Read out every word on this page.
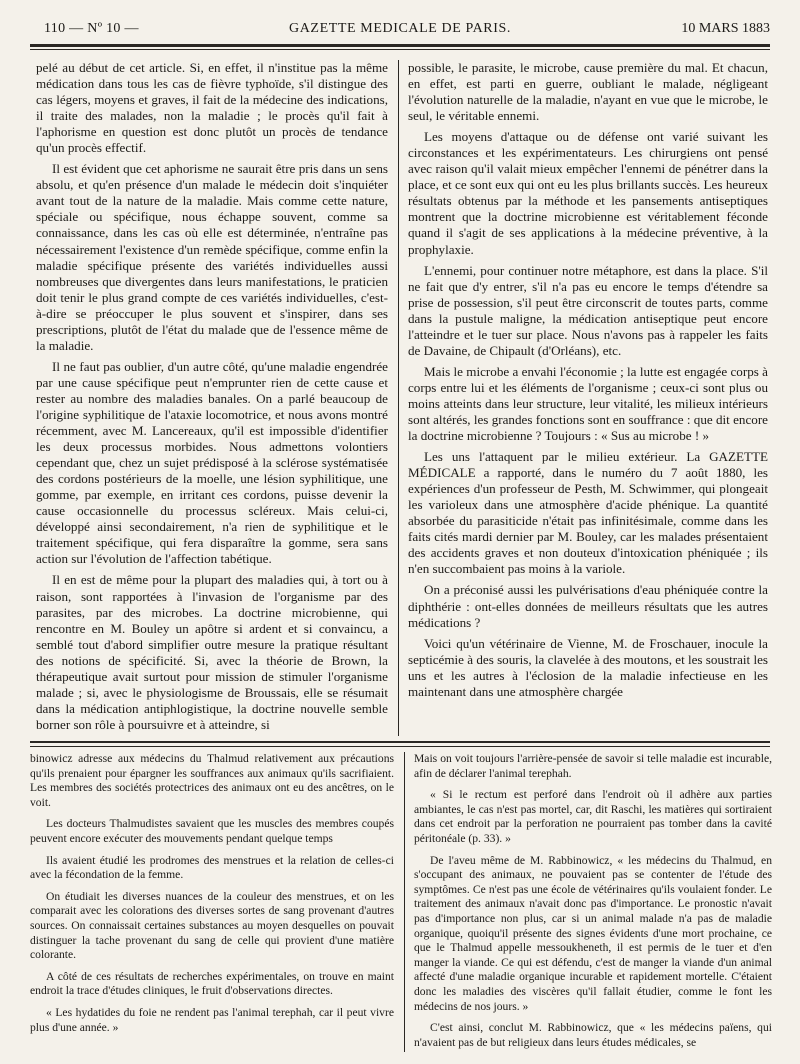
110 — Nº 10 —	GAZETTE MEDICALE DE PARIS.	10 MARS 1883

pelé au début de cet article. Si, en effet, il n'institue pas la même médication dans tous les cas de fièvre typhoïde, s'il distingue des cas légers, moyens et graves, il fait de la médecine des indications, il traite des malades, non la maladie ; le procès qu'il fait à l'aphorisme en question est donc plutôt un procès de tendance qu'un procès effectif.

Il est évident que cet aphorisme ne saurait être pris dans un sens absolu, et qu'en présence d'un malade le médecin doit s'inquiéter avant tout de la nature de la maladie. Mais comme cette nature, spéciale ou spécifique, nous échappe souvent, comme sa connaissance, dans les cas où elle est déterminée, n'entraîne pas nécessairement l'existence d'un remède spécifique, comme enfin la maladie spécifique présente des variétés individuelles aussi nombreuses que divergentes dans leurs manifestations, le praticien doit tenir le plus grand compte de ces variétés individuelles, c'est-à-dire se préoccuper le plus souvent et s'inspirer, dans ses prescriptions, plutôt de l'état du malade que de l'essence même de la maladie.

Il ne faut pas oublier, d'un autre côté, qu'une maladie engendrée par une cause spécifique peut n'emprunter rien de cette cause et rester au nombre des maladies banales. On a parlé beaucoup de l'origine syphilitique de l'ataxie locomotrice, et nous avons montré récemment, avec M. Lancereaux, qu'il est impossible d'identifier les deux processus morbides. Nous admettons volontiers cependant que, chez un sujet prédisposé à la sclérose systématisée des cordons postérieurs de la moelle, une lésion syphilitique, une gomme, par exemple, en irritant ces cordons, puisse devenir la cause occasionnelle du processus scléreux. Mais celui-ci, développé ainsi secondairement, n'a rien de syphilitique et le traitement spécifique, qui fera disparaître la gomme, sera sans action sur l'évolution de l'affection tabétique.

Il en est de même pour la plupart des maladies qui, à tort ou à raison, sont rapportées à l'invasion de l'organisme par des parasites, par des microbes. La doctrine microbienne, qui rencontre en M. Bouley un apôtre si ardent et si convaincu, a semblé tout d'abord simplifier outre mesure la pratique résultant des notions de spécificité. Si, avec la théorie de Brown, la thérapeutique avait surtout pour mission de stimuler l'organisme malade ; si, avec le physiologisme de Broussais, elle se résumait dans la médication antiphlogistique, la doctrine nouvelle semble borner son rôle à poursuivre et à atteindre, si

possible, le parasite, le microbe, cause première du mal. Et chacun, en effet, est parti en guerre, oubliant le malade, négligeant l'évolution naturelle de la maladie, n'ayant en vue que le microbe, le seul, le véritable ennemi.

Les moyens d'attaque ou de défense ont varié suivant les circonstances et les expérimentateurs. Les chirurgiens ont pensé avec raison qu'il valait mieux empêcher l'ennemi de pénétrer dans la place, et ce sont eux qui ont eu les plus brillants succès. Les heureux résultats obtenus par la méthode et les pansements antiseptiques montrent que la doctrine microbienne est véritablement féconde quand il s'agit de ses applications à la médecine préventive, à la prophylaxie.

L'ennemi, pour continuer notre métaphore, est dans la place. S'il ne fait que d'y entrer, s'il n'a pas eu encore le temps d'étendre sa prise de possession, s'il peut être circonscrit de toutes parts, comme dans la pustule maligne, la médication antiseptique peut encore l'atteindre et le tuer sur place. Nous n'avons pas à rappeler les faits de Davaine, de Chipault (d'Orléans), etc.

Mais le microbe a envahi l'économie ; la lutte est engagée corps à corps entre lui et les éléments de l'organisme ; ceux-ci sont plus ou moins atteints dans leur structure, leur vitalité, les milieux intérieurs sont altérés, les grandes fonctions sont en souffrance : que dit encore la doctrine microbienne ? Toujours : « Sus au microbe ! »

Les uns l'attaquent par le milieu extérieur. La GAZETTE MÉDICALE a rapporté, dans le numéro du 7 août 1880, les expériences d'un professeur de Pesth, M. Schwimmer, qui plongeait les varioleux dans une atmosphère d'acide phénique. La quantité absorbée du parasiticide n'était pas infinitésimale, comme dans les faits cités mardi dernier par M. Bouley, car les malades présentaient des accidents graves et non douteux d'intoxication phéniquée ; ils n'en succombaient pas moins à la variole.

On a préconisé aussi les pulvérisations d'eau phéniquée contre la diphthérie : ont-elles données de meilleurs résultats que les autres médications ?

Voici qu'un vétérinaire de Vienne, M. de Froschauer, inocule la septicémie à des souris, la clavelée à des moutons, et les soustrait les uns et les autres à l'éclosion de la maladie infectieuse en les maintenant dans une atmosphère chargée

binowicz adresse aux médecins du Thalmud relativement aux précautions qu'ils prenaient pour épargner les souffrances aux animaux qu'ils sacrifiaient. Les membres des sociétés protectrices des animaux ont eu des ancêtres, on le voit.

Les docteurs Thalmudistes savaient que les muscles des membres coupés peuvent encore exécuter des mouvements pendant quelque temps

Ils avaient étudié les prodromes des menstrues et la relation de celles-ci avec la fécondation de la femme.

On étudiait les diverses nuances de la couleur des menstrues, et on les comparait avec les colorations des diverses sortes de sang provenant d'autres sources. On connaissait certaines substances au moyen desquelles on pouvait distinguer la tache provenant du sang de celle qui provient d'une matière colorante.

A côté de ces résultats de recherches expérimentales, on trouve en maint endroit la trace d'études cliniques, le fruit d'observations directes.

« Les hydatides du foie ne rendent pas l'animal terephah, car il peut vivre plus d'une année. »

Mais on voit toujours l'arrière-pensée de savoir si telle maladie est incurable, afin de déclarer l'animal terephah.

« Si le rectum est perforé dans l'endroit où il adhère aux parties ambiantes, le cas n'est pas mortel, car, dit Raschi, les matières qui sortiraient dans cet endroit par la perforation ne pourraient pas tomber dans la cavité péritonéale (p. 33). »

De l'aveu même de M. Rabbinowicz, « les médecins du Thalmud, en s'occupant des animaux, ne pouvaient pas se contenter de l'étude des symptômes. Ce n'est pas une école de vétérinaires qu'ils voulaient fonder. Le traitement des animaux n'avait donc pas d'importance. Le pronostic n'avait pas d'importance non plus, car si un animal malade n'a pas de maladie organique, quoiqu'il présente des signes évidents d'une mort prochaine, ce que le Thalmud appelle messoukheneth, il est permis de le tuer et d'en manger la viande. Ce qui est défendu, c'est de manger la viande d'un animal affecté d'une maladie organique incurable et rapidement mortelle. C'étaient donc les maladies des viscères qu'il fallait étudier, comme le font les médecins de nos jours. »

C'est ainsi, conclut M. Rabbinowicz, que « les médecins païens, qui n'avaient pas de but religieux dans leurs études médicales, se
